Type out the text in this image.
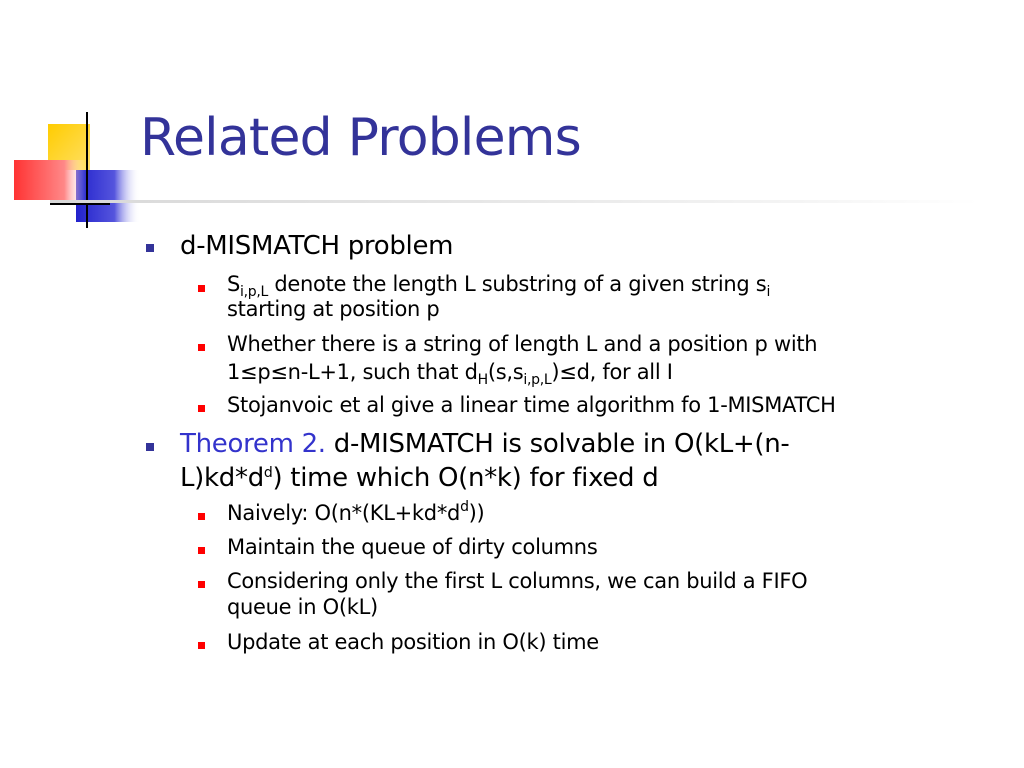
Related Problems
d-MISMATCH problem
$S_{i,p,L}$ denote the length L substring of a given string $s_i$
starting at position p
Whether there is a string of length L and a position p with
1≤p≤n-L+1, such that $d_H(s,s_{i,p,L})\le d$, for all I
Stojanvoic et al give a linear time algorithm fo 1-MISMATCH
Theorem 2. d-MISMATCH is solvable in O(kL+(n-
$L)kd*d^d$) time which O(n*k) for fixed d
Naively: $O(n*(KL+kd*d^d))$
Maintain the queue of dirty columns
Considering only the first L columns, we can build a FIFO
queue in O(kL)
Update at each position in O(k) time
